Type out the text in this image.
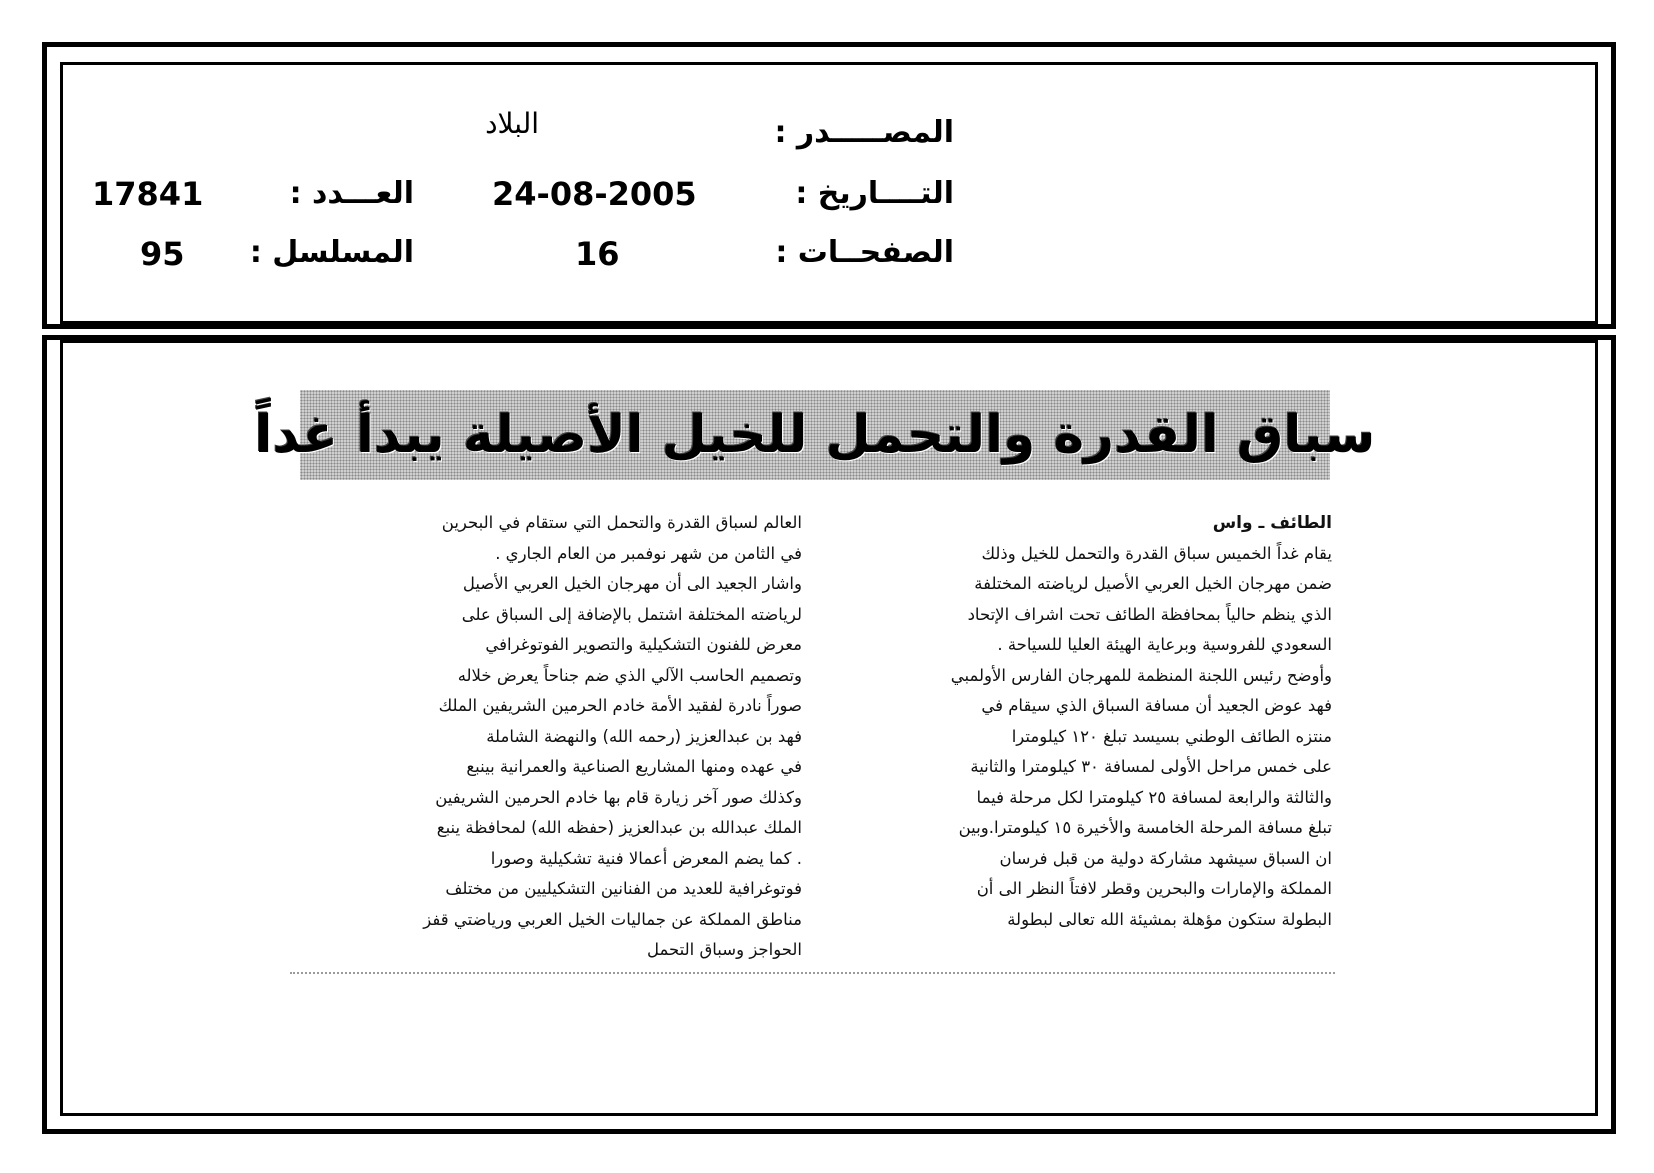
المصـــــدر :
البلاد
التــــاريخ :
24-08-2005
العـــدد :
17841
الصفحــات :
16
المسلسل :
95
سباق القدرة والتحمل للخيل الأصيلة يبدأ غداً
الطائف ـ واس
يقام غداً الخميس سباق القدرة والتحمل للخيل وذلك
ضمن مهرجان الخيل العربي الأصيل لرياضته المختلفة
الذي ينظم حالياً بمحافظة الطائف تحت اشراف الإتحاد
السعودي للفروسية وبرعاية الهيئة العليا للسياحة .
وأوضح رئيس اللجنة المنظمة للمهرجان الفارس الأولمبي
فهد عوض الجعيد أن مسافة السباق الذي سيقام في
منتزه الطائف الوطني بسيسد تبلغ ١٢٠ كيلومترا
على خمس مراحل الأولى لمسافة ٣٠ كيلومترا والثانية
والثالثة والرابعة لمسافة ٢٥ كيلومترا لكل مرحلة فيما
تبلغ مسافة المرحلة الخامسة والأخيرة ١٥ كيلومترا.وبين
ان السباق سيشهد مشاركة دولية من قبل فرسان
المملكة والإمارات والبحرين وقطر لافتاً النظر الى أن
البطولة ستكون مؤهلة بمشيئة الله تعالى لبطولة
العالم لسباق القدرة والتحمل التي ستقام في البحرين
في الثامن من شهر نوفمبر من العام الجاري .
واشار الجعيد الى أن مهرجان الخيل العربي الأصيل
لرياضته المختلفة اشتمل بالإضافة إلى السباق على
معرض للفنون التشكيلية والتصوير الفوتوغرافي
وتصميم الحاسب الآلي الذي ضم جناحاً يعرض خلاله
صوراً نادرة لفقيد الأمة خادم الحرمين الشريفين الملك
فهد بن عبدالعزيز (رحمه الله) والنهضة الشاملة
في عهده ومنها المشاريع الصناعية والعمرانية بينبع
وكذلك صور آخر زيارة قام بها خادم الحرمين الشريفين
الملك عبدالله بن عبدالعزيز (حفظه الله) لمحافظة ينبع
. كما يضم المعرض أعمالا فنية تشكيلية وصورا
فوتوغرافية للعديد من الفنانين التشكيليين من مختلف
مناطق المملكة عن جماليات الخيل العربي ورياضتي قفز
الحواجز وسباق التحمل
